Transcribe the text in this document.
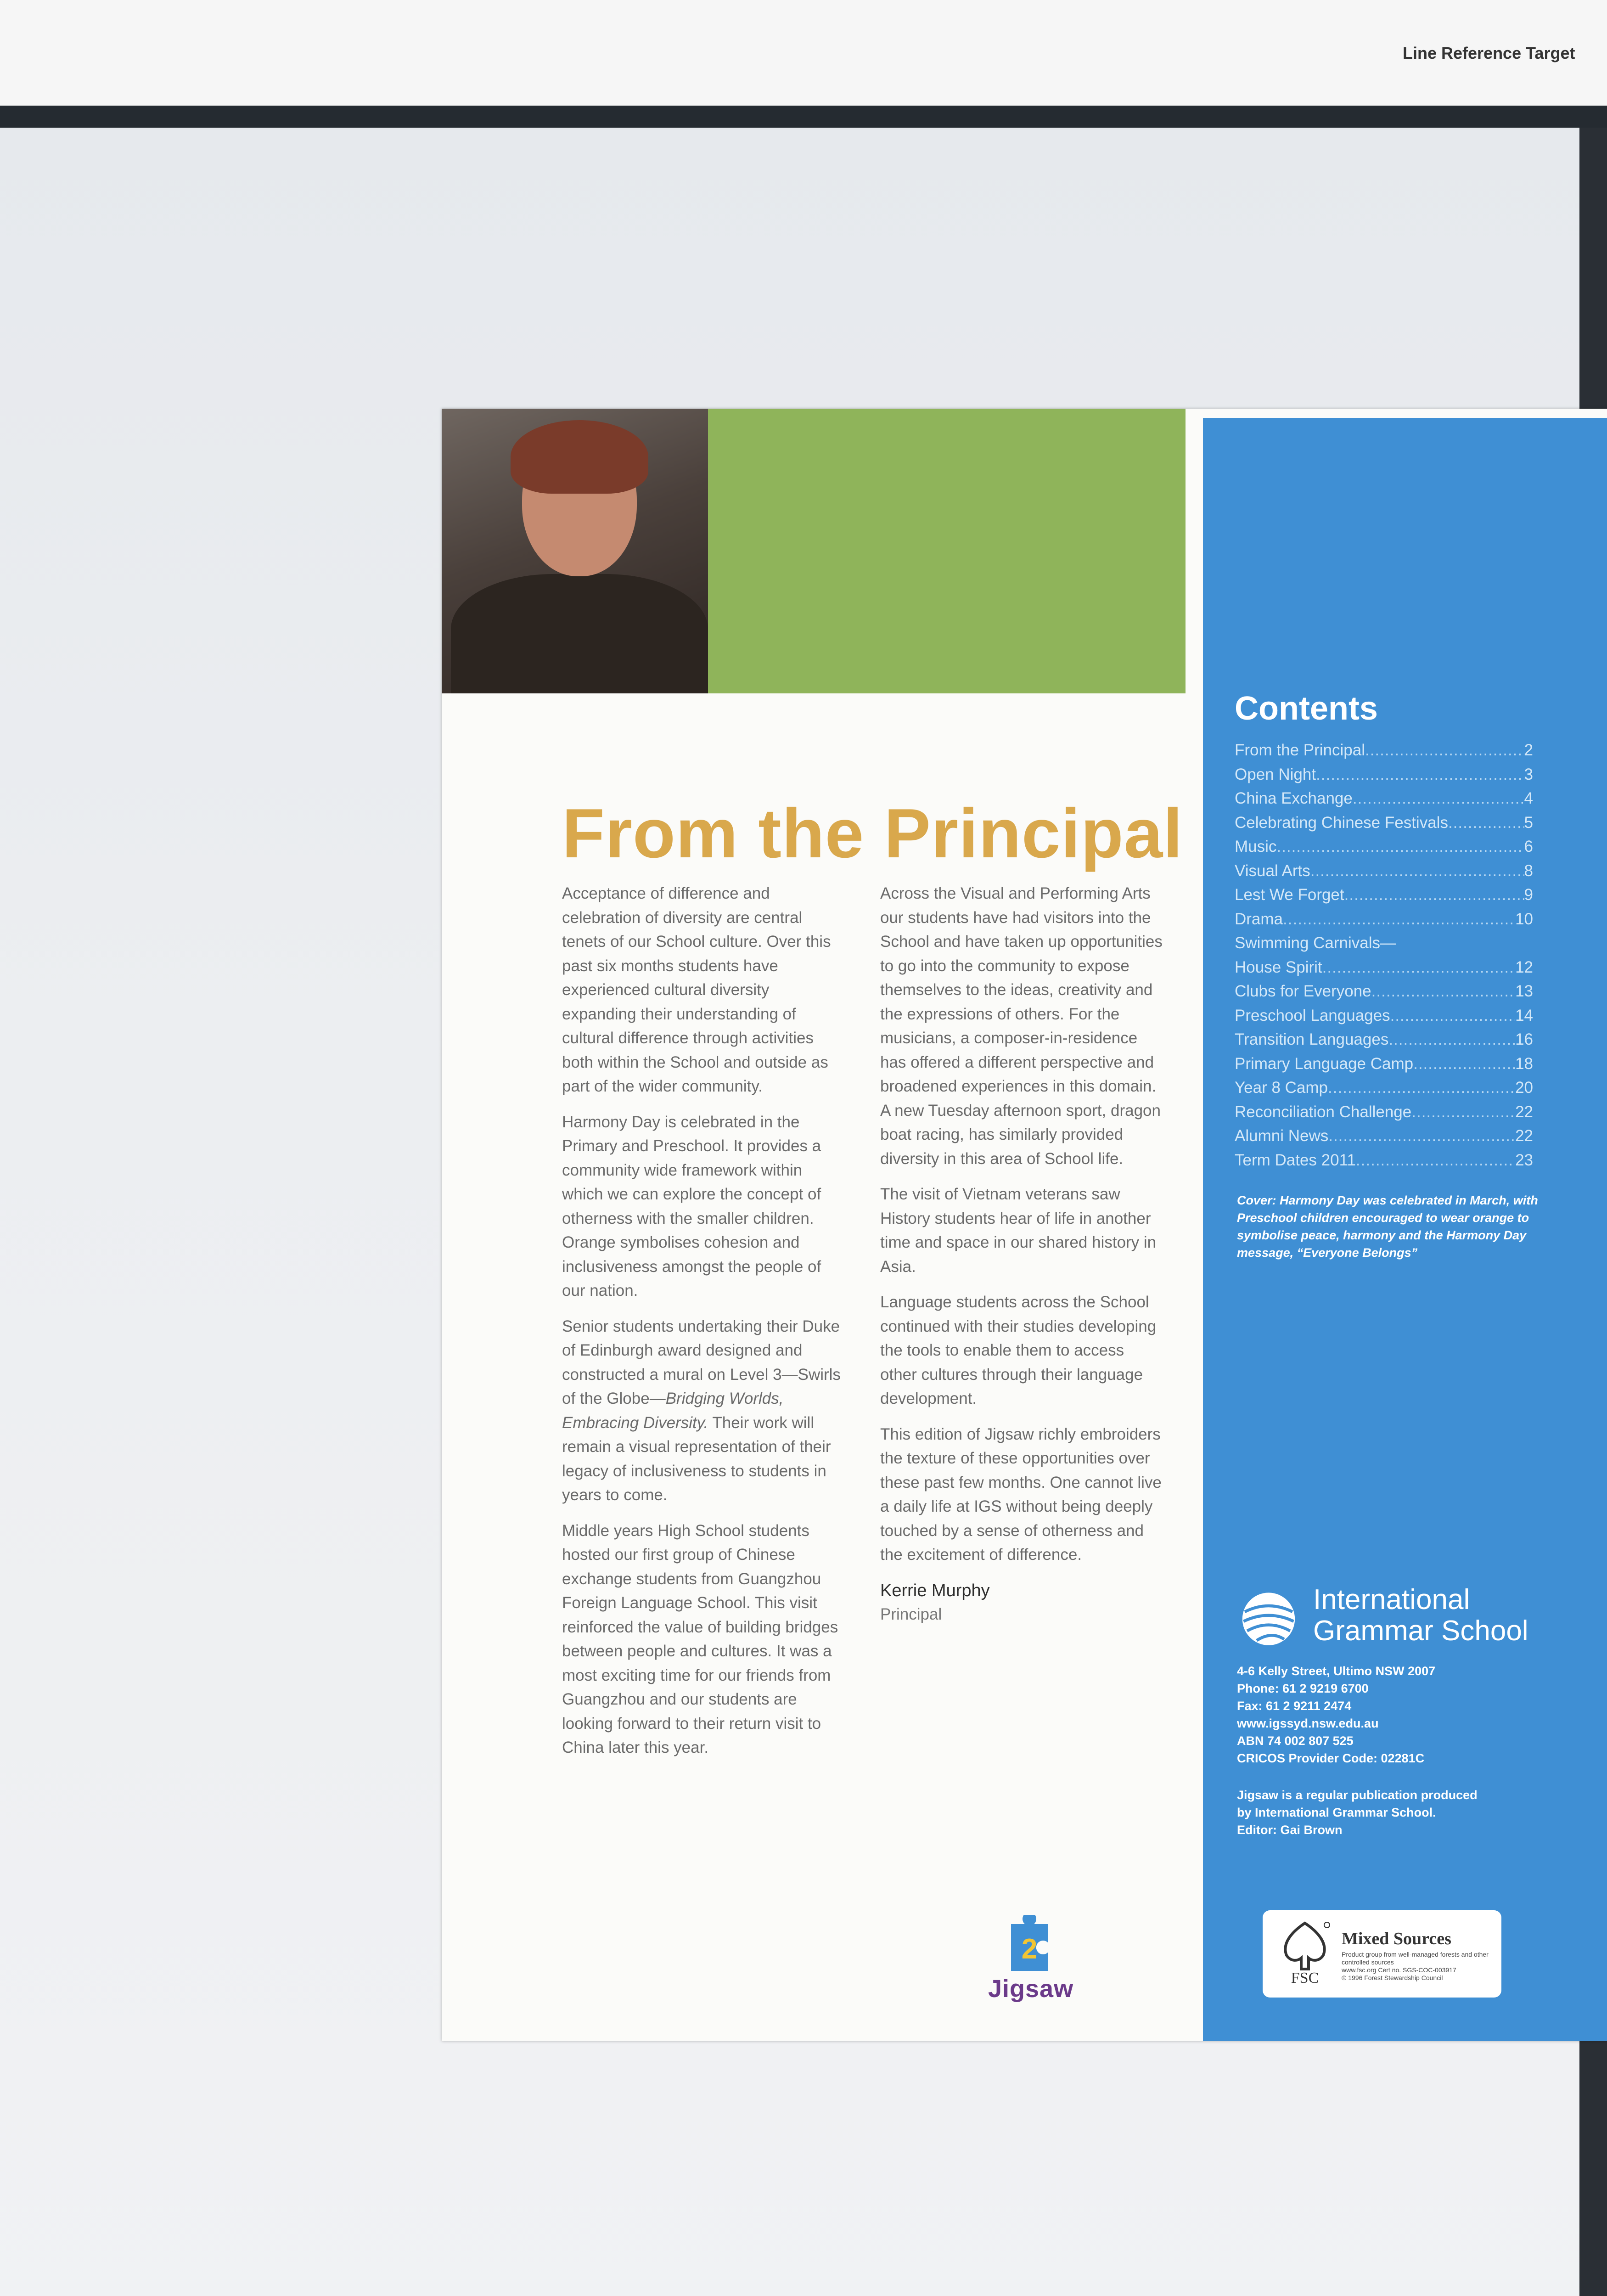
Line Reference Target
From the Principal

Acceptance of difference and celebration of diversity are central tenets of our School culture. Over this past six months students have experienced cultural diversity expanding their understanding of cultural difference through activities both within the School and outside as part of the wider community.

Harmony Day is celebrated in the Primary and Preschool. It provides a community wide framework within which we can explore the concept of otherness with the smaller children. Orange symbolises cohesion and inclusiveness amongst the people of our nation.

Senior students undertaking their Duke of Edinburgh award designed and constructed a mural on Level 3—Swirls of the Globe—Bridging Worlds, Embracing Diversity. Their work will remain a visual representation of their legacy of inclusiveness to students in years to come.

Middle years High School students hosted our first group of Chinese exchange students from Guangzhou Foreign Language School. This visit reinforced the value of building bridges between people and cultures. It was a most exciting time for our friends from Guangzhou and our students are looking forward to their return visit to China later this year.

Across the Visual and Performing Arts our students have had visitors into the School and have taken up opportunities to go into the community to expose themselves to the ideas, creativity and the expressions of others. For the musicians, a composer-in-residence has offered a different perspective and broadened experiences in this domain. A new Tuesday afternoon sport, dragon boat racing, has similarly provided diversity in this area of School life.

The visit of Vietnam veterans saw History students hear of life in another time and space in our shared history in Asia.

Language students across the School continued with their studies developing the tools to enable them to access other cultures through their language development.

This edition of Jigsaw richly embroiders the texture of these opportunities over these past few months. One cannot live a daily life at IGS without being deeply touched by a sense of otherness and the excitement of difference.

Kerrie Murphy
Principal
Contents
From the Principal .....	2
Open Night .....	3
China Exchange .....	4
Celebrating Chinese Festivals .....	5
Music .....	6
Visual Arts .....	8
Lest We Forget .....	9
Drama .....	10
Swimming Carnivals—
House Spirit .....	12
Clubs for Everyone .....	13
Preschool Languages .....	14
Transition Languages .....	16
Primary Language Camp .....	18
Year 8 Camp .....	20
Reconciliation Challenge .....	22
Alumni News .....	22
Term Dates 2011 .....	23
Cover: Harmony Day was celebrated in March, with Preschool children encouraged to wear orange to symbolise peace, harmony and the Harmony Day message, “Everyone Belongs”
International
Grammar School
4-6 Kelly Street, Ultimo NSW 2007
Phone: 61 2 9219 6700
Fax: 61 2 9211 2474
www.igssyd.nsw.edu.au
ABN 74 002 807 525
CRICOS Provider Code: 02281C
Jigsaw is a regular publication produced
by International Grammar School.
Editor: Gai Brown
FSC
Mixed Sources
Product group from well-managed forests and other controlled sources
www.fsc.org Cert no. SGS-COC-003917
© 1996 Forest Stewardship Council
2
Jigsaw
